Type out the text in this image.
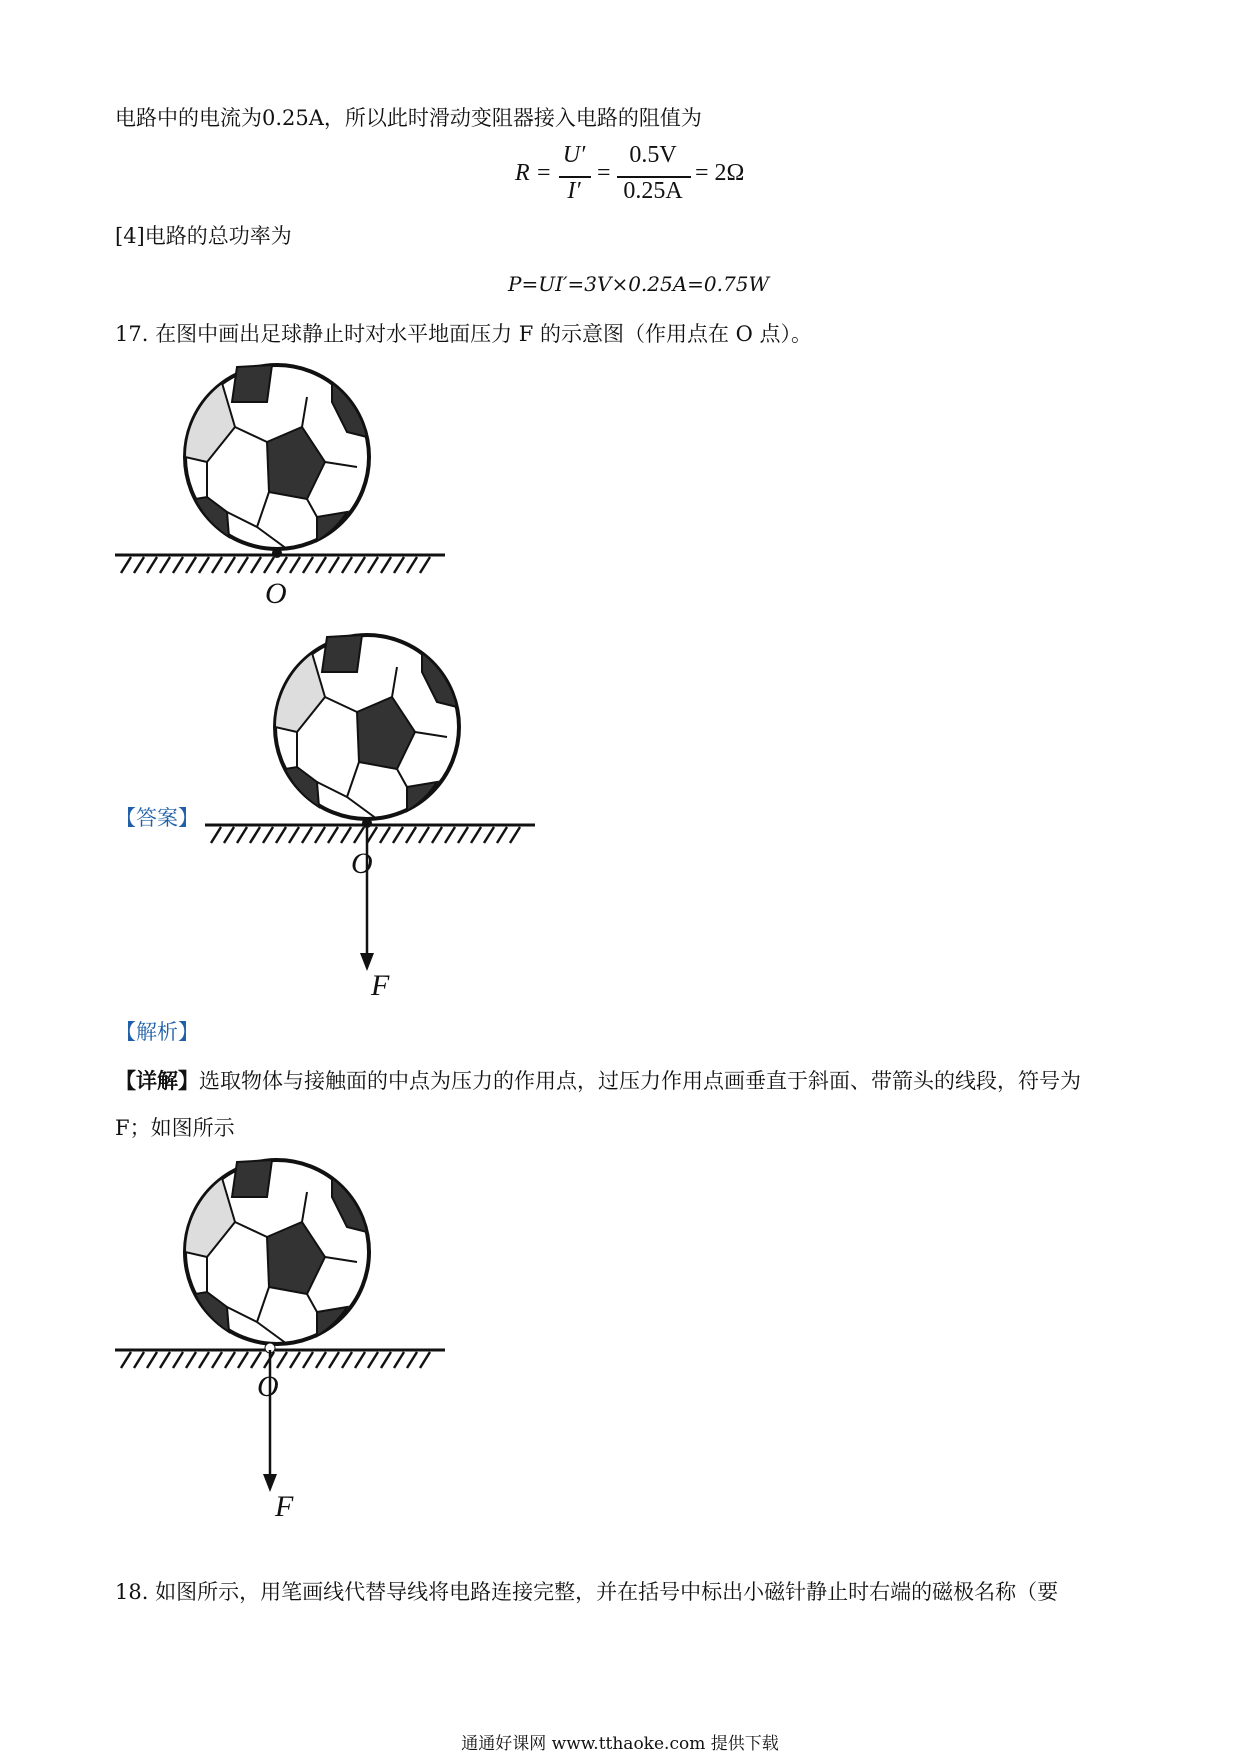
电路中的电流为0.25A，所以此时滑动变阻器接入电路的阻值为
R =
U′
I′
=
0.5V
0.25A
= 2Ω
[4]电路的总功率为
P=UI′=3V×0.25A=0.75W
17. 在图中画出足球静止时对水平地面压力 F 的示意图（作用点在 O 点）。
O
【答案】
O
F
【解析】
【详解】选取物体与接触面的中点为压力的作用点，过压力作用点画垂直于斜面、带箭头的线段，符号为
F；如图所示
O
F
18. 如图所示，用笔画线代替导线将电路连接完整，并在括号中标出小磁针静止时右端的磁极名称（要
通通好课网 www.tthaoke.com 提供下载
